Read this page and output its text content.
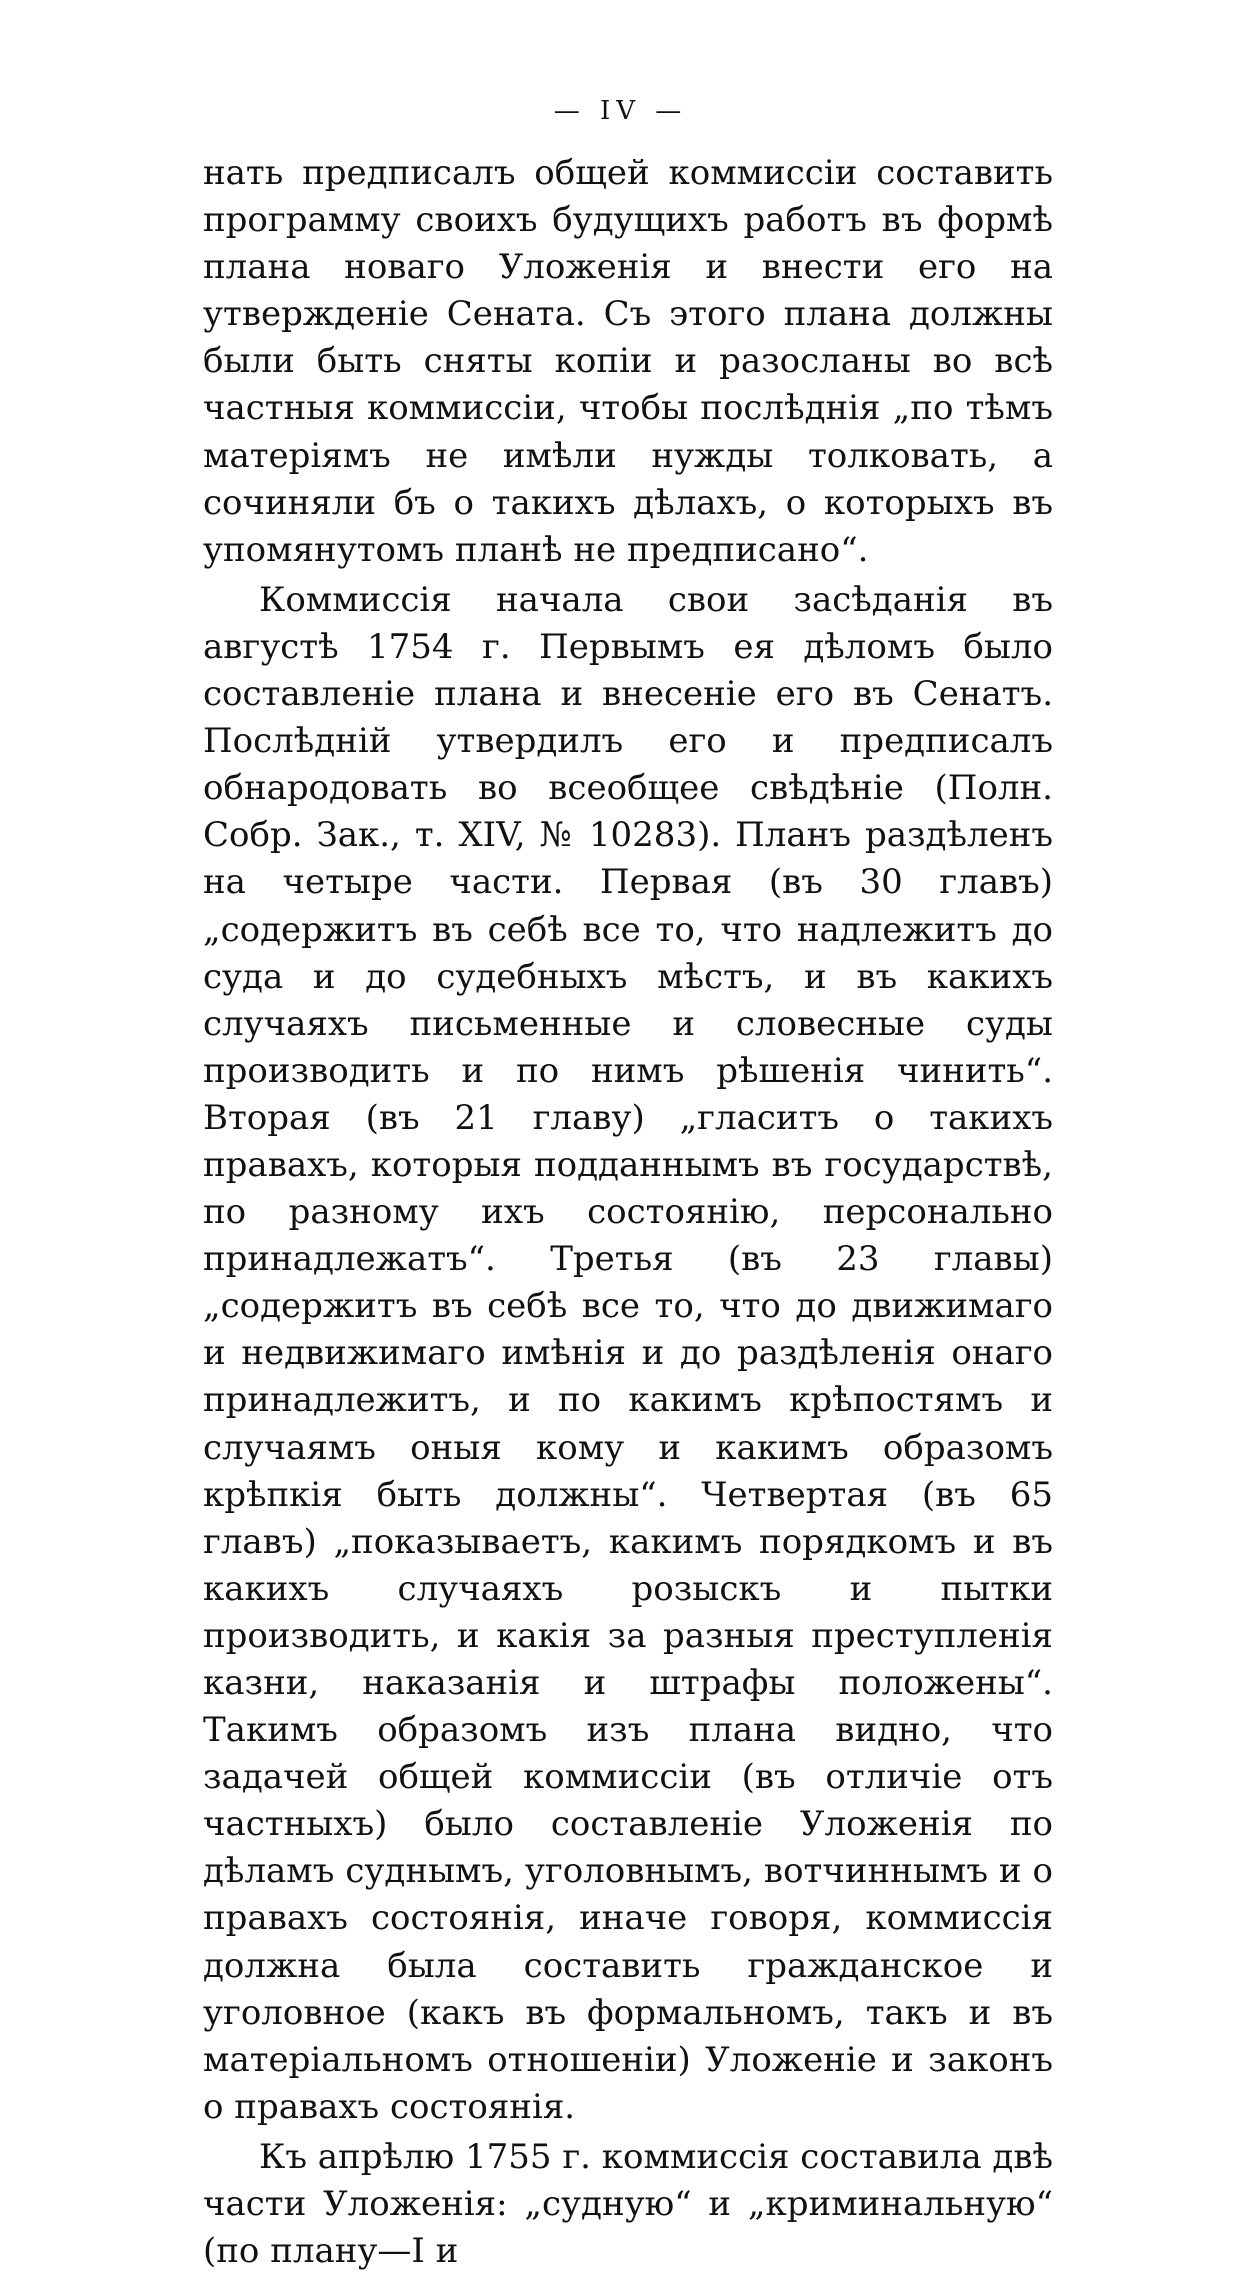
— IV —

нать предписалъ общей коммиссіи составить программу своихъ будущихъ работъ въ формѣ плана новаго Уложенія и внести его на утвержденіе Сената. Съ этого плана должны были быть сняты копіи и разосланы во всѣ частныя коммиссіи, чтобы послѣднія „по тѣмъ матеріямъ не имѣли нужды толковать, а сочиняли бъ о такихъ дѣлахъ, о которыхъ въ упомянутомъ планѣ не предписано“.

Коммиссія начала свои засѣданія въ августѣ 1754 г. Первымъ ея дѣломъ было составленіе плана и внесеніе его въ Сенатъ. Послѣдній утвердилъ его и предписалъ обнародовать во всеобщее свѣдѣніе (Полн. Собр. Зак., т. XIV, № 10283). Планъ раздѣленъ на четыре части. Первая (въ 30 главъ) „содержитъ въ себѣ все то, что надлежитъ до суда и до судебныхъ мѣстъ, и въ какихъ случаяхъ письменные и словесные суды производить и по нимъ рѣшенія чинить“. Вторая (въ 21 главу) „гласитъ о такихъ правахъ, которыя подданнымъ въ государствѣ, по разному ихъ состоянію, персонально принадлежатъ“. Третья (въ 23 главы) „содержитъ въ себѣ все то, что до движимаго и недвижимаго имѣнія и до раздѣленія онаго принадлежитъ, и по какимъ крѣпостямъ и случаямъ оныя кому и какимъ образомъ крѣпкія быть должны“. Четвертая (въ 65 главъ) „показываетъ, какимъ порядкомъ и въ какихъ случаяхъ розыскъ и пытки производить, и какія за разныя преступленія казни, наказанія и штрафы положены“. Такимъ образомъ изъ плана видно, что задачей общей коммиссіи (въ отличіе отъ частныхъ) было составленіе Уложенія по дѣламъ суднымъ, уголовнымъ, вотчиннымъ и о правахъ состоянія, иначе говоря, коммиссія должна была составить гражданское и уголовное (какъ въ формальномъ, такъ и въ матеріальномъ отношеніи) Уложеніе и законъ о правахъ состоянія.

Къ апрѣлю 1755 г. коммиссія составила двѣ части Уложенія: „судную“ и „криминальную“ (по плану—I и
